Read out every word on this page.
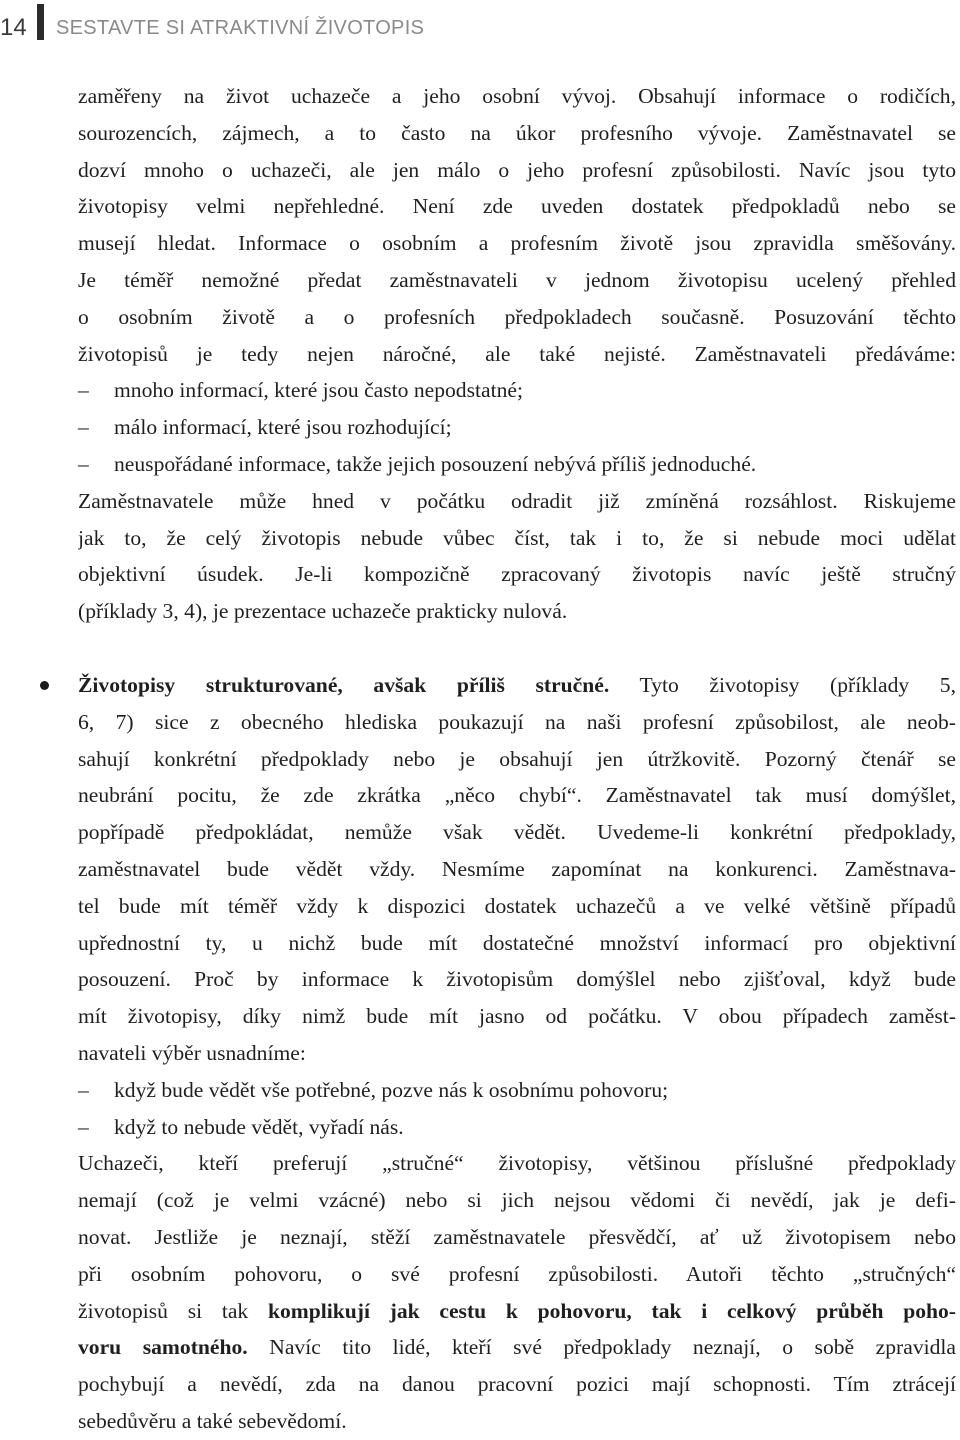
14 SESTAVTE SI ATRAKTIVNÍ ŽIVOTOPIS
zaměřeny na život uchazeče a jeho osobní vývoj. Obsahují informace o rodičích,
sourozencích, zájmech, a to často na úkor profesního vývoje. Zaměstnavatel se
dozví mnoho o uchazeči, ale jen málo o jeho profesní způsobilosti. Navíc jsou tyto
životopisy velmi nepřehledné. Není zde uveden dostatek předpokladů nebo se
musejí hledat. Informace o osobním a profesním životě jsou zpravidla směšovány.
Je téměř nemožné předat zaměstnavateli v jednom životopisu ucelený přehled
o osobním životě a o profesních předpokladech současně. Posuzování těchto
životopisů je tedy nejen náročné, ale také nejisté. Zaměstnavateli předáváme:
– mnoho informací, které jsou často nepodstatné;
– málo informací, které jsou rozhodující;
– neuspořádané informace, takže jejich posouzení nebývá příliš jednoduché.
Zaměstnavatele může hned v počátku odradit již zmíněná rozsáhlost. Riskujeme
jak to, že celý životopis nebude vůbec číst, tak i to, že si nebude moci udělat
objektivní úsudek. Je-li kompozičně zpracovaný životopis navíc ještě stručný
(příklady 3, 4), je prezentace uchazeče prakticky nulová.
Životopisy strukturované, avšak příliš stručné. Tyto životopisy (příklady 5,
6, 7) sice z obecného hlediska poukazují na naši profesní způsobilost, ale neob-
sahují konkrétní předpoklady nebo je obsahují jen útržkovitě. Pozorný čtenář se
neubrání pocitu, že zde zkrátka „něco chybí“. Zaměstnavatel tak musí domýšlet,
popřípadě předpokládat, nemůže však vědět. Uvedeme-li konkrétní předpoklady,
zaměstnavatel bude vědět vždy. Nesmíme zapomínat na konkurenci. Zaměstnava-
tel bude mít téměř vždy k dispozici dostatek uchazečů a ve velké většině případů
upřednostní ty, u nichž bude mít dostatečné množství informací pro objektivní
posouzení. Proč by informace k životopisům domýšlel nebo zjišťoval, když bude
mít životopisy, díky nimž bude mít jasno od počátku. V obou případech zaměst-
navateli výběr usnadníme:
– když bude vědět vše potřebné, pozve nás k osobnímu pohovoru;
– když to nebude vědět, vyřadí nás.
Uchazeči, kteří preferují „stručné“ životopisy, většinou příslušné předpoklady
nemají (což je velmi vzácné) nebo si jich nejsou vědomi či nevědí, jak je defi-
novat. Jestliže je neznají, stěží zaměstnavatele přesvědčí, ať už životopisem nebo
při osobním pohovoru, o své profesní způsobilosti. Autoři těchto „stručných“
životopisů si tak komplikují jak cestu k pohovoru, tak i celkový průběh poho-
voru samotného. Navíc tito lidé, kteří své předpoklady neznají, o sobě zpravidla
pochybují a nevědí, zda na danou pracovní pozici mají schopnosti. Tím ztrácejí
sebedůvěru a také sebevědomí.
